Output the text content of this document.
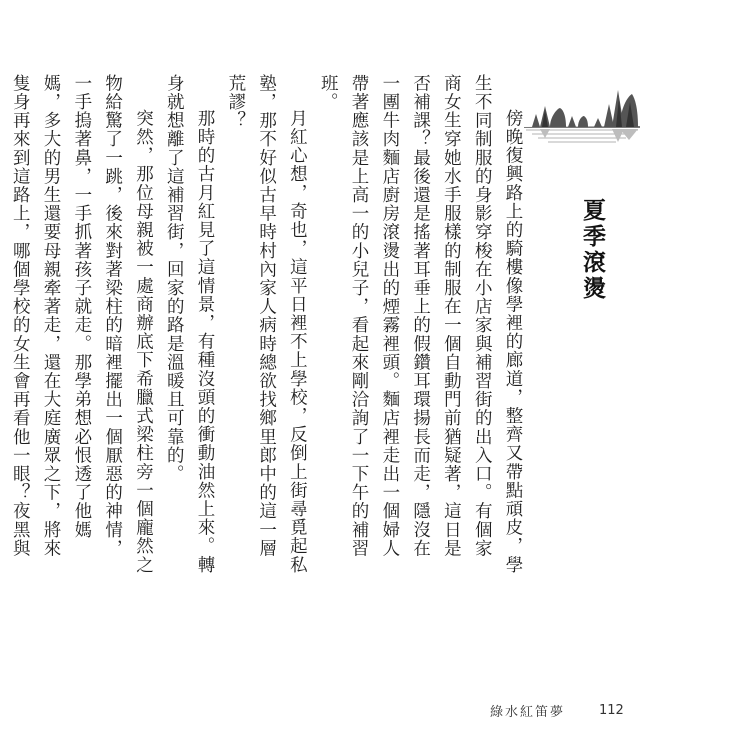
夏季滾燙

傍晚復興路上的騎樓像學裡的廊道，整齊又帶點頑皮，學生不同制服的身影穿梭在小店家與補習街的出入口。有個家商女生穿她水手服樣的制服在一個自動門前猶疑著，這日是否補課？最後還是搖著耳垂上的假鑽耳環揚長而走，隱沒在一團牛肉麵店廚房滾燙出的煙霧裡頭。麵店裡走出一個婦人帶著應該是上高一的小兒子，看起來剛洽詢了一下午的補習班。

月紅心想，奇也，這平日裡不上學校，反倒上街尋覓起私塾，那不好似古早時村內家人病時總欲找鄉里郎中的這一層荒謬？

那時的古月紅見了這情景，有種沒頭的衝動油然上來。轉身就想離了這補習街，回家的路是溫暖且可靠的。

突然，那位母親被一處商辦底下希臘式梁柱旁一個龐然之物給驚了一跳，後來對著梁柱的暗裡擺出一個厭惡的神情，一手摀著鼻，一手抓著孩子就走。那學弟想必恨透了他媽媽，多大的男生還要母親牽著走，還在大庭廣眾之下，將來隻身再來到這路上，哪個學校的女生會再看他一眼？夜黑與

綠水紅笛夢	112
